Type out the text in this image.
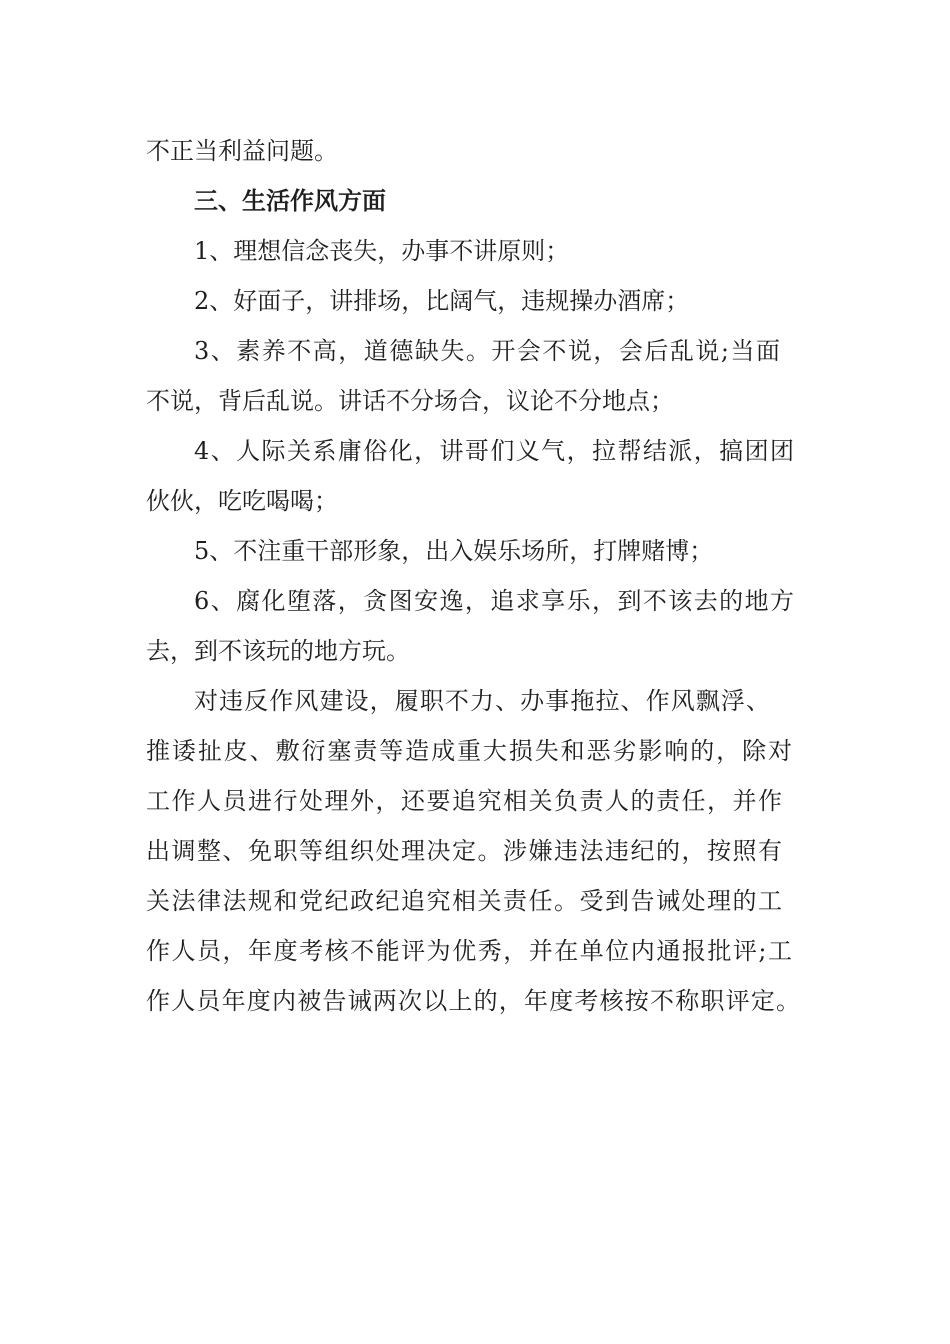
不正当利益问题。
三、生活作风方面
1、理想信念丧失，办事不讲原则；
2、好面子，讲排场，比阔气，违规操办酒席；
3、素养不高，道德缺失。开会不说，会后乱说;当面
不说，背后乱说。讲话不分场合，议论不分地点；
4、人际关系庸俗化，讲哥们义气，拉帮结派，搞团团
伙伙，吃吃喝喝；
5、不注重干部形象，出入娱乐场所，打牌赌博；
6、腐化堕落，贪图安逸，追求享乐，到不该去的地方
去，到不该玩的地方玩。
对违反作风建设，履职不力、办事拖拉、作风飘浮、
推诿扯皮、敷衍塞责等造成重大损失和恶劣影响的，除对
工作人员进行处理外，还要追究相关负责人的责任，并作
出调整、免职等组织处理决定。涉嫌违法违纪的，按照有
关法律法规和党纪政纪追究相关责任。受到告诫处理的工
作人员，年度考核不能评为优秀，并在单位内通报批评;工
作人员年度内被告诫两次以上的，年度考核按不称职评定。
